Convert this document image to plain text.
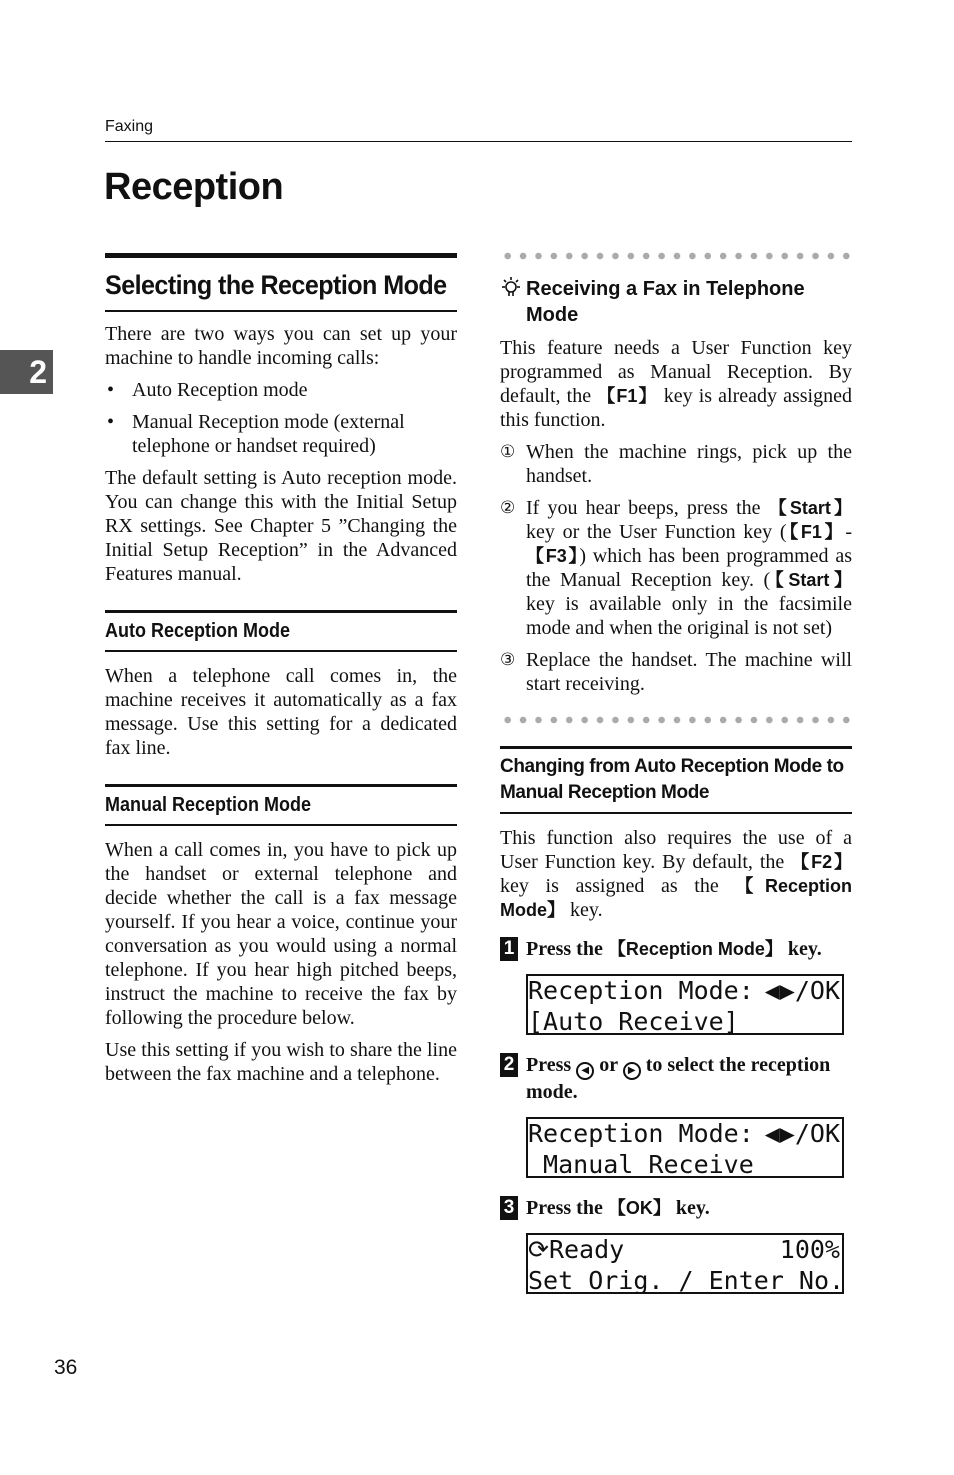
Faxing
Reception
2
Selecting the Reception Mode

There are two ways you can set up your machine to handle incoming calls:

• Auto Reception mode
• Manual Reception mode (external telephone or handset required)

The default setting is Auto reception mode. You can change this with the Initial Setup RX settings. See Chapter 5 ”Changing the Initial Setup Reception” in the Advanced Features manual.

Auto Reception Mode

When a telephone call comes in, the machine receives it automatically as a fax message. Use this setting for a dedicated fax line.

Manual Reception Mode

When a call comes in, you have to pick up the handset or external telephone and decide whether the call is a fax message yourself. If you hear a voice, continue your conversation as you would using a normal telephone. If you hear high pitched beeps, instruct the machine to receive the fax by following the procedure below.

Use this setting if you wish to share the line between the fax machine and a telephone.

Receiving a Fax in Telephone Mode

This feature needs a User Function key programmed as Manual Reception. By default, the 【F1】 key is already assigned this function.

① When the machine rings, pick up the handset.
② If you hear beeps, press the 【Start】 key or the User Function key (【F1】-【F3】) which has been programmed as the Manual Reception key. (【Start】 key is available only in the facsimile mode and when the original is not set)
③ Replace the handset. The machine will start receiving.
Changing from Auto Reception Mode to Manual Reception Mode

This function also requires the use of a User Function key. By default, the 【F2】 key is assigned as the 【Reception Mode】 key.

1 Press the 【Reception Mode】 key.
Reception Mode: ◀▶/OK
[Auto Receive]
2 Press ◀ or ▶ to select the reception mode.
Reception Mode: ◀▶/OK
Manual Receive
3 Press the 【OK】 key.
⟳Ready	100%
Set Orig. / Enter No.
36
